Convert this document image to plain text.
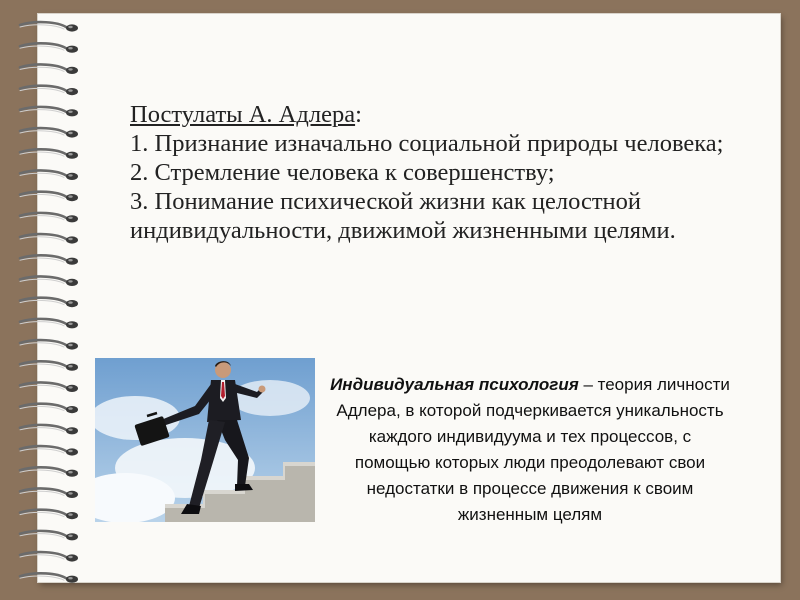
Постулаты А. Адлера:
1. Признание изначально социальной природы человека;
2. Стремление человека к совершенству;
3. Понимание психической жизни как целостной индивидуальности, движимой жизненными целями.
Индивидуальная психология – теория личности Адлера, в которой подчеркивается уникальность каждого индивидуума и тех процессов, с помощью которых люди преодолевают свои недостатки в процессе движения к своим жизненным целям
